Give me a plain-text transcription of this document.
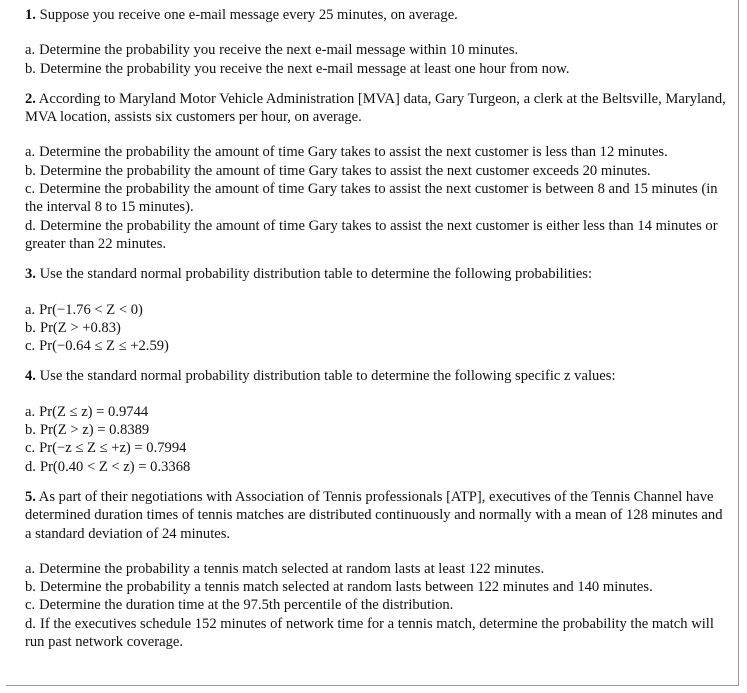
1. Suppose you receive one e-mail message every 25 minutes, on average.
a. Determine the probability you receive the next e-mail message within 10 minutes.
b. Determine the probability you receive the next e-mail message at least one hour from now.
2. According to Maryland Motor Vehicle Administration [MVA] data, Gary Turgeon, a clerk at the Beltsville, Maryland, MVA location, assists six customers per hour, on average.
a. Determine the probability the amount of time Gary takes to assist the next customer is less than 12 minutes.
b. Determine the probability the amount of time Gary takes to assist the next customer exceeds 20 minutes.
c. Determine the probability the amount of time Gary takes to assist the next customer is between 8 and 15 minutes (in the interval 8 to 15 minutes).
d. Determine the probability the amount of time Gary takes to assist the next customer is either less than 14 minutes or greater than 22 minutes.
3. Use the standard normal probability distribution table to determine the following probabilities:
a. Pr(−1.76 < Z < 0)
b. Pr(Z > +0.83)
c. Pr(−0.64 ≤ Z ≤ +2.59)
4. Use the standard normal probability distribution table to determine the following specific z values:
a. Pr(Z ≤ z) = 0.9744
b. Pr(Z > z) = 0.8389
c. Pr(−z ≤ Z ≤ +z) = 0.7994
d. Pr(0.40 < Z < z) = 0.3368
5. As part of their negotiations with Association of Tennis professionals [ATP], executives of the Tennis Channel have determined duration times of tennis matches are distributed continuously and normally with a mean of 128 minutes and a standard deviation of 24 minutes.
a. Determine the probability a tennis match selected at random lasts at least 122 minutes.
b. Determine the probability a tennis match selected at random lasts between 122 minutes and 140 minutes.
c. Determine the duration time at the 97.5th percentile of the distribution.
d. If the executives schedule 152 minutes of network time for a tennis match, determine the probability the match will run past network coverage.
